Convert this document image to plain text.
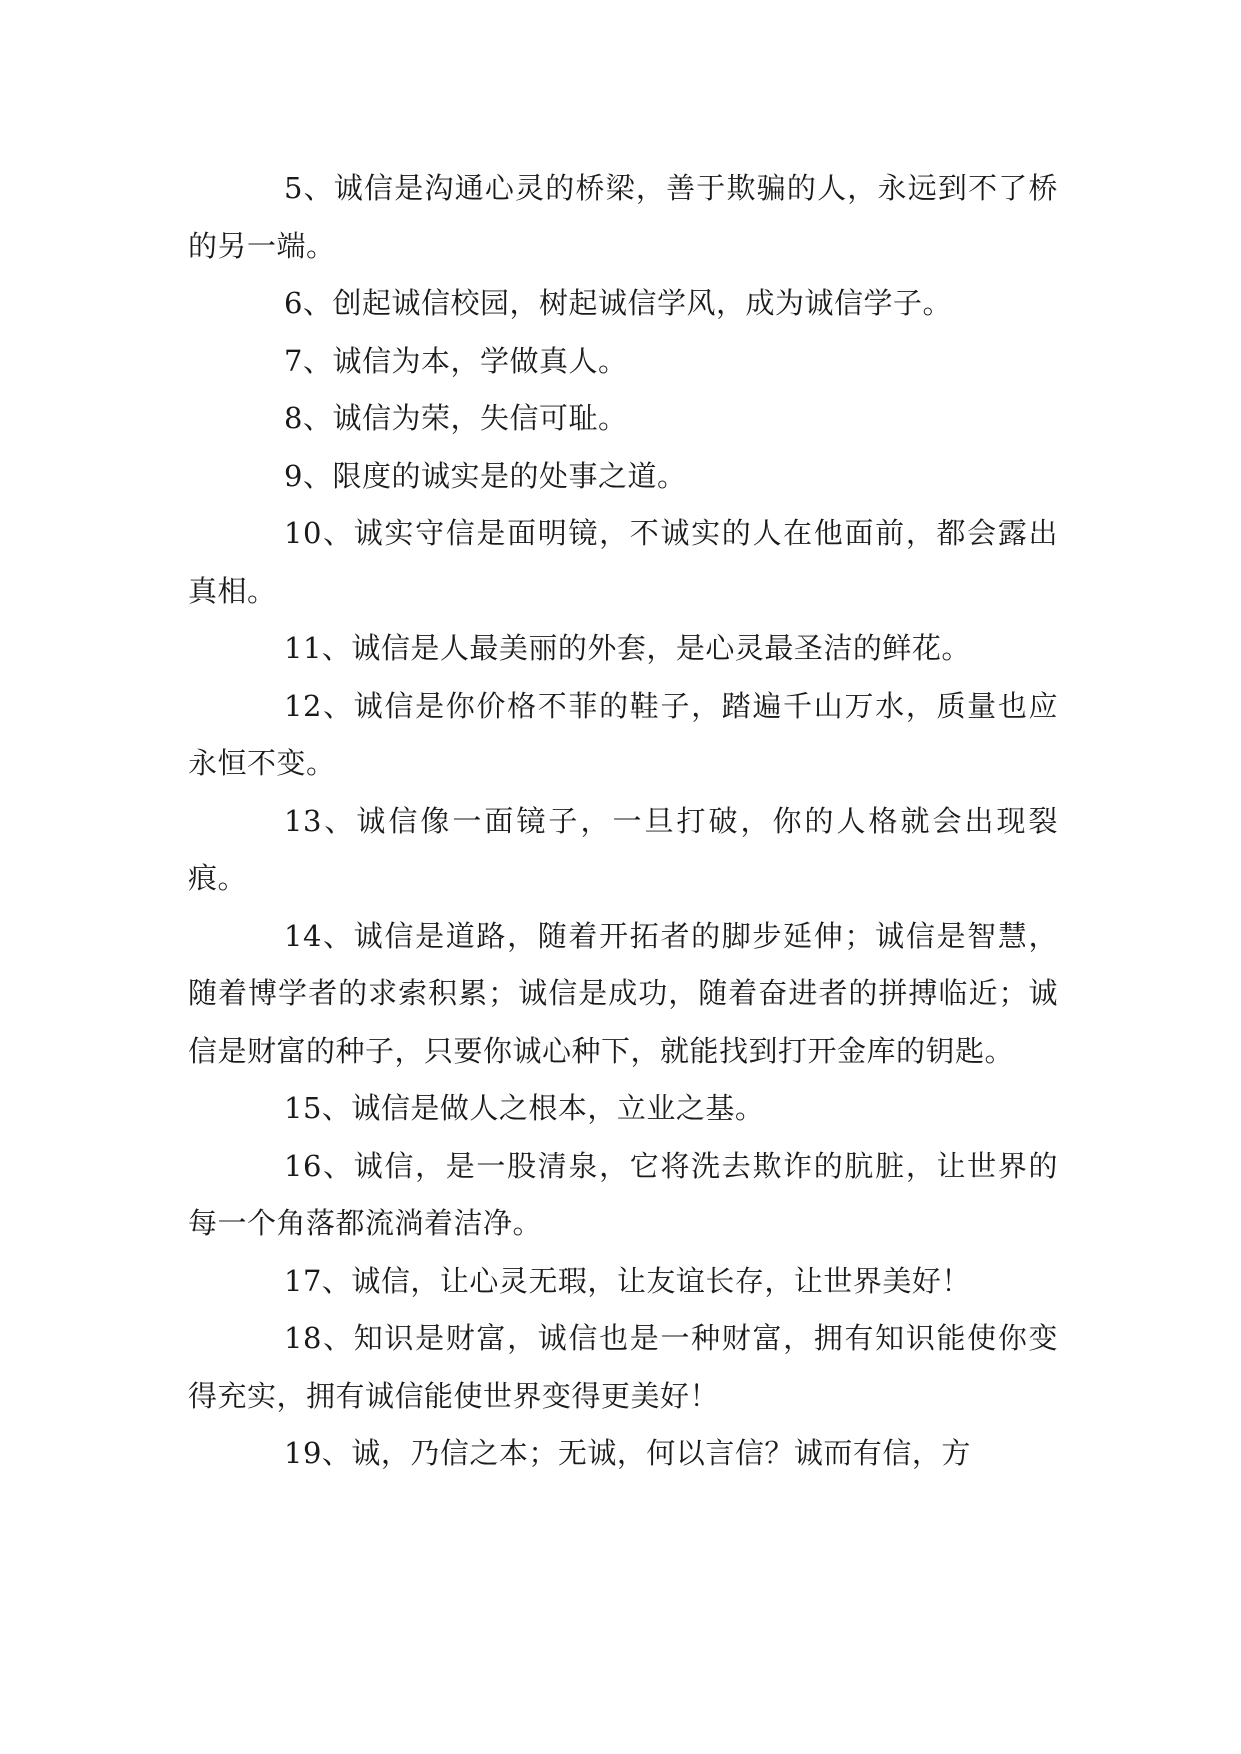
5、诚信是沟通心灵的桥梁，善于欺骗的人，永远到不了桥的另一端。

6、创起诚信校园，树起诚信学风，成为诚信学子。

7、诚信为本，学做真人。

8、诚信为荣，失信可耻。

9、限度的诚实是的处事之道。

10、诚实守信是面明镜，不诚实的人在他面前，都会露出真相。

11、诚信是人最美丽的外套，是心灵最圣洁的鲜花。

12、诚信是你价格不菲的鞋子，踏遍千山万水，质量也应永恒不变。

13、诚信像一面镜子，一旦打破，你的人格就会出现裂痕。

14、诚信是道路，随着开拓者的脚步延伸；诚信是智慧，随着博学者的求索积累；诚信是成功，随着奋进者的拼搏临近；诚信是财富的种子，只要你诚心种下，就能找到打开金库的钥匙。

15、诚信是做人之根本，立业之基。

16、诚信，是一股清泉，它将洗去欺诈的肮脏，让世界的每一个角落都流淌着洁净。

17、诚信，让心灵无瑕，让友谊长存，让世界美好！

18、知识是财富，诚信也是一种财富，拥有知识能使你变得充实，拥有诚信能使世界变得更美好！

19、诚，乃信之本；无诚，何以言信？诚而有信，方
